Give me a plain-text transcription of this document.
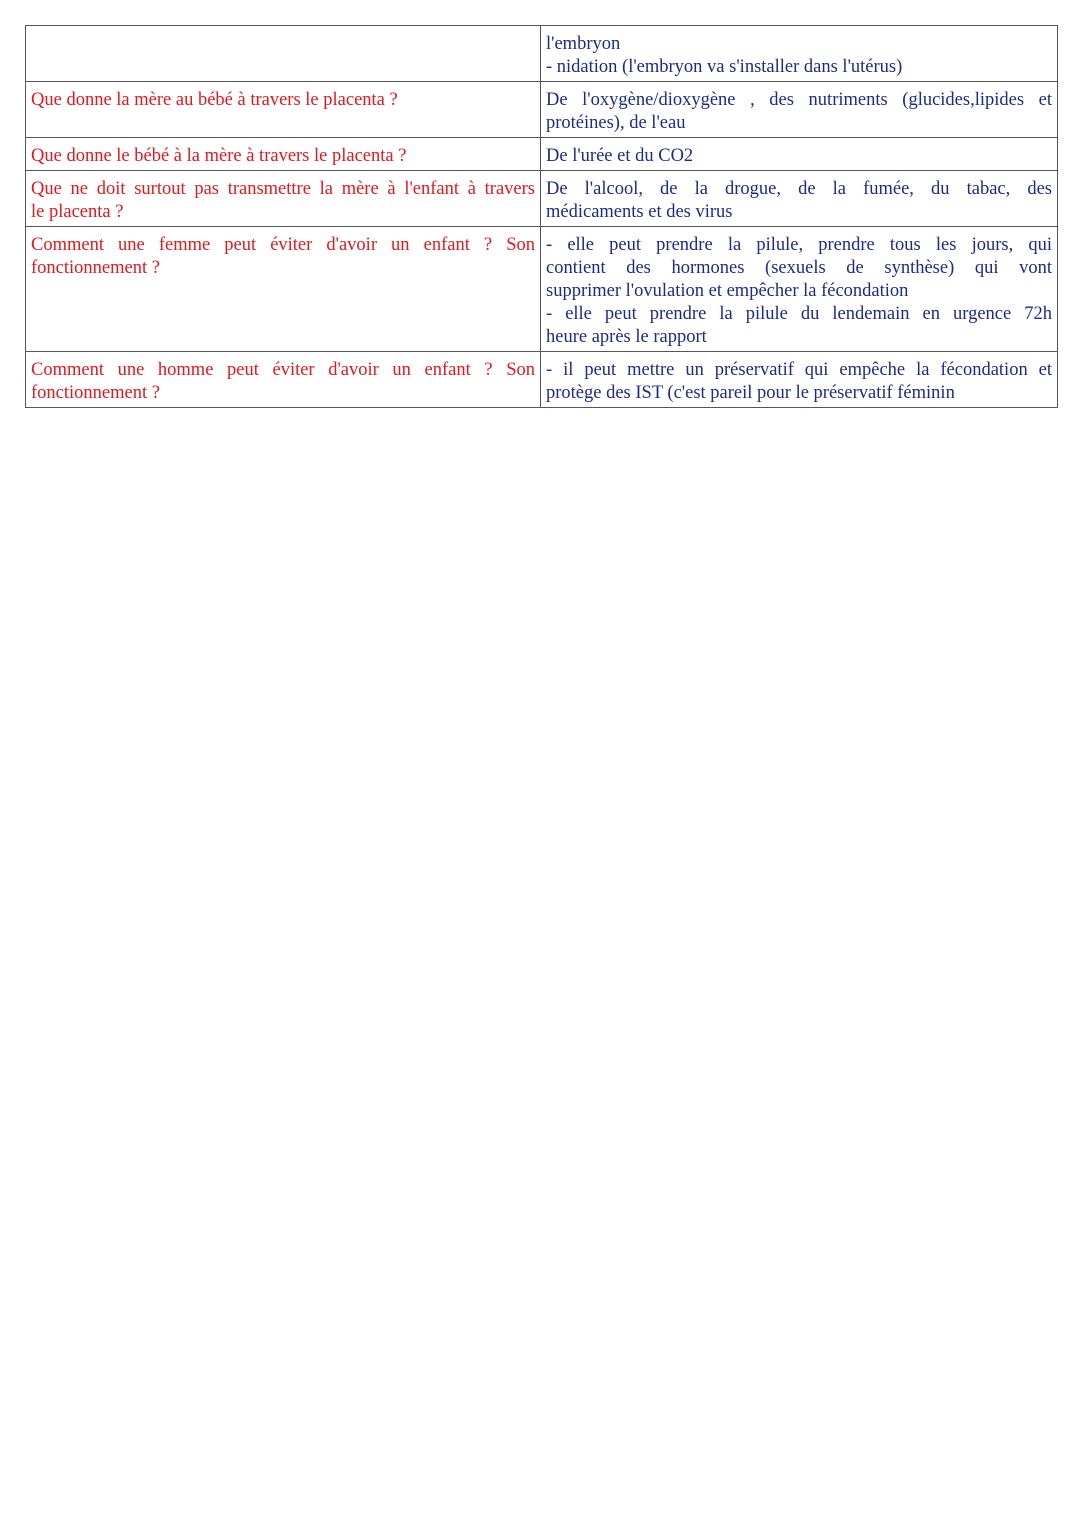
	l'embryon
- nidation (l'embryon va s'installer dans l'utérus)

Que donne la mère au bébé à travers le placenta ?	De l'oxygène/dioxygène , des nutriments (glucides,lipides et
protéines), de l'eau

Que donne le bébé à la mère à travers le placenta ?	De l'urée et du CO2

Que ne doit surtout pas transmettre la mère à l'enfant à travers
le placenta ?	De l'alcool, de la drogue, de la fumée, du tabac, des
médicaments et des virus

Comment une femme peut éviter d'avoir un enfant ? Son
fonctionnement ?	- elle peut prendre la pilule, prendre tous les jours, qui
contient des hormones (sexuels de synthèse) qui vont
supprimer l'ovulation et empêcher la fécondation
- elle peut prendre la pilule du lendemain en urgence 72h
heure après le rapport

Comment une homme peut éviter d'avoir un enfant ? Son
fonctionnement ?	- il peut mettre un préservatif qui empêche la fécondation et
protège des IST (c'est pareil pour le préservatif féminin
